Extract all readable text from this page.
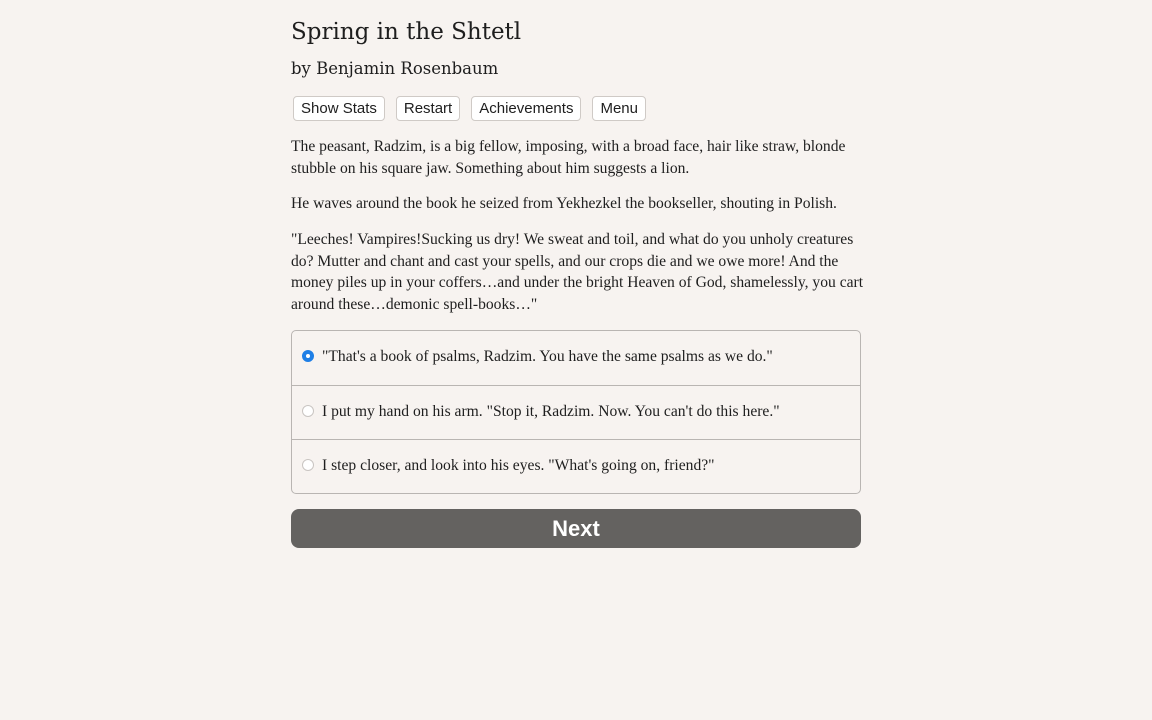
Spring in the Shtetl
by Benjamin Rosenbaum
Show Stats Restart Achievements Menu

The peasant, Radzim, is a big fellow, imposing, with a broad face, hair like straw, blonde stubble on his square jaw. Something about him suggests a lion.

He waves around the book he seized from Yekhezkel the bookseller, shouting in Polish.

"Leeches! Vampires!Sucking us dry! We sweat and toil, and what do you unholy creatures do? Mutter and chant and cast your spells, and our crops die and we owe more! And the money piles up in your coffers…and under the bright Heaven of God, shamelessly, you cart around these…demonic spell-books…"

"That's a book of psalms, Radzim. You have the same psalms as we do."
I put my hand on his arm. "Stop it, Radzim. Now. You can't do this here."
I step closer, and look into his eyes. "What's going on, friend?"
Next
